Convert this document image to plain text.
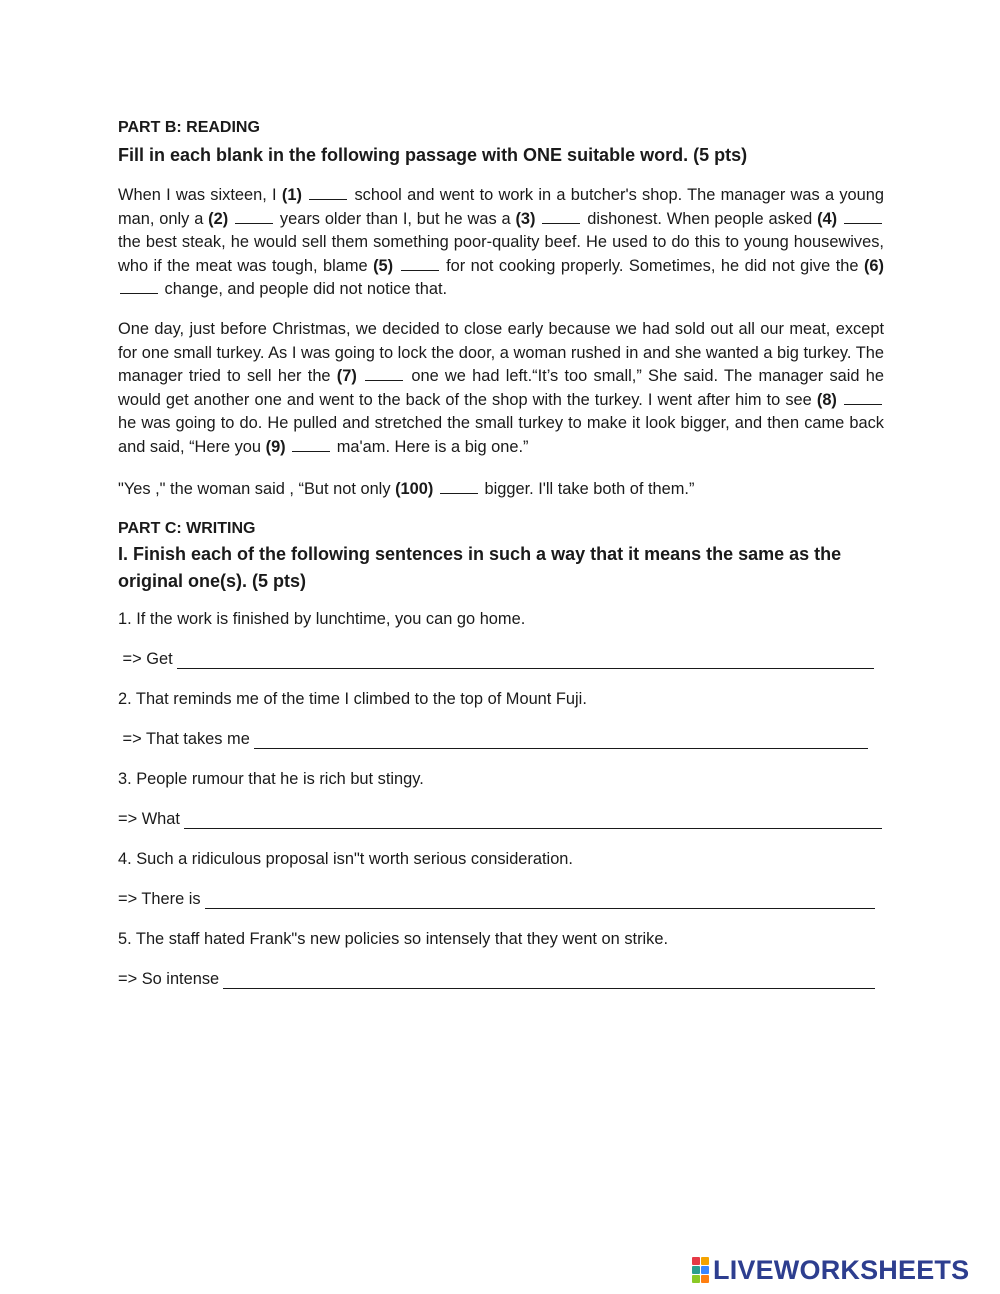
PART B: READING

Fill in each blank in the following passage with ONE suitable word. (5 pts)

When I was sixteen, I (1)	school and went to work in a butcher's shop. The manager was a young man, only a (2)	years older than I, but he was a (3)	dishonest. When people asked (4)  the best steak, he would sell them something poor-quality beef. He used to do this to young housewives, who if the meat was tough, blame (5)	for not cooking properly. Sometimes, he did not give the (6)  change, and people did not notice that.

One day, just before Christmas, we decided to close early because we had sold out all our meat, except for one small turkey. As I was going to lock the door, a woman rushed in and she wanted a big turkey. The manager tried to sell her the (7)	one we had left.“It’s too small,” She said. The manager said he would get another one and went to the back of the shop with the turkey. I went after him to see (8)  he was going to do. He pulled and stretched the small turkey to make it look bigger, and then came back and said, “Here you (9)	ma'am. Here is a big one.”

"Yes ," the woman said , “But not only (100)	bigger. I'll take both of them.”

PART C: WRITING

I. Finish each of the following sentences in such a way that it means the same as the original one(s). (5 pts)

1. If the work is finished by lunchtime, you can go home.

=> Get

2. That reminds me of the time I climbed to the top of Mount Fuji.

=> That takes me

3. People rumour that he is rich but stingy.

=> What

4. Such a ridiculous proposal isn"t worth serious consideration.

=> There is

5. The staff hated Frank"s new policies so intensely that they went on strike.

=> So intense
LIVEWORKSHEETS
